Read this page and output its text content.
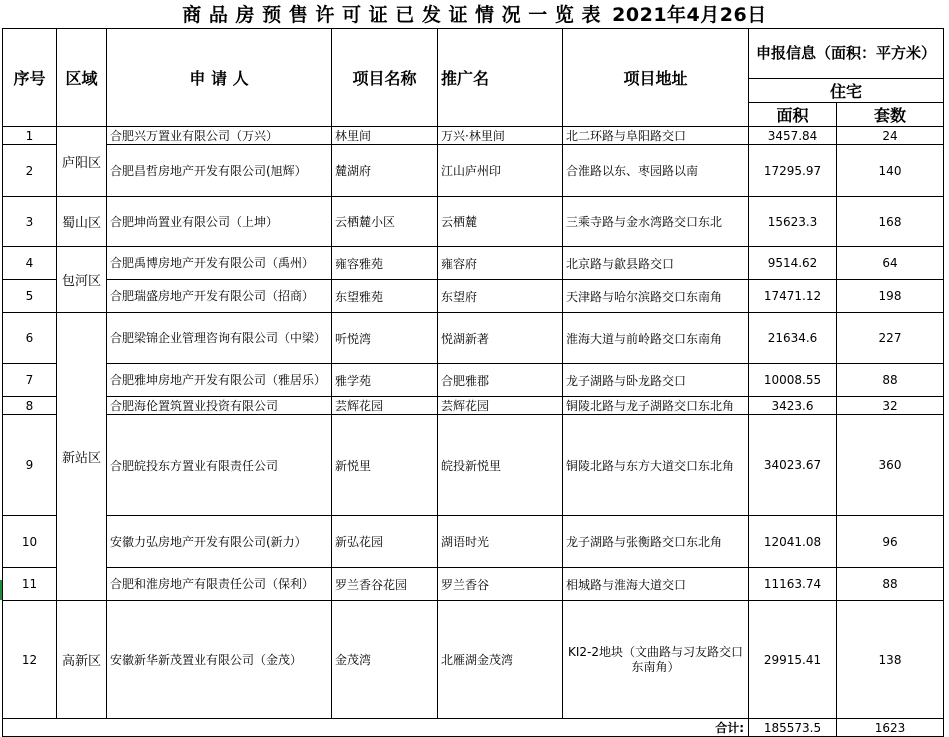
商 品 房 预 售 许 可 证 已 发 证 情 况 一 览 表 2021年4月26日
序号	区域	申 请 人	项目名称	推广名	项目地址	申报信息（面积：平方米）	
						住宅	
						面积	套数
1	庐阳区	合肥兴万置业有限公司（万兴）	林里间	万兴·林里间	北二环路与阜阳路交口	3457.84	24
2		合肥昌哲房地产开发有限公司(旭辉）	麓湖府	江山庐州印	合淮路以东、枣园路以南	17295.97	140
3	蜀山区	合肥坤尚置业有限公司（上坤）	云栖麓小区	云栖麓	三乘寺路与金水湾路交口东北	15623.3	168
4	包河区	合肥禹博房地产开发有限公司（禹州）	雍容雅苑	雍容府	北京路与歙县路交口	9514.62	64
5		合肥瑞盛房地产开发有限公司（招商）	东望雅苑	东望府	天津路与哈尔滨路交口东南角	17471.12	198
6	新站区	合肥梁锦企业管理咨询有限公司（中梁）	听悦湾	悦湖新著	淮海大道与前岭路交口东南角	21634.6	227
7		合肥雅坤房地产开发有限公司（雅居乐）	雅学苑	合肥雅郡	龙子湖路与卧龙路交口	10008.55	88
8		合肥海伦置筑置业投资有限公司	芸辉花园	芸辉花园	铜陵北路与龙子湖路交口东北角	3423.6	32
9		合肥皖投东方置业有限责任公司	新悦里	皖投新悦里	铜陵北路与东方大道交口东北角	34023.67	360
10		安徽力弘房地产开发有限公司(新力）	新弘花园	湖语时光	龙子湖路与张衡路交口东北角	12041.08	96
11		合肥和淮房地产有限责任公司（保利）	罗兰香谷花园	罗兰香谷	相城路与淮海大道交口	11163.74	88
12	高新区	安徽新华新茂置业有限公司（金茂）	金茂湾	北雁湖金茂湾	KI2-2地块（文曲路与习友路交口东南角）	29915.41	138
合计:						185573.5	1623
